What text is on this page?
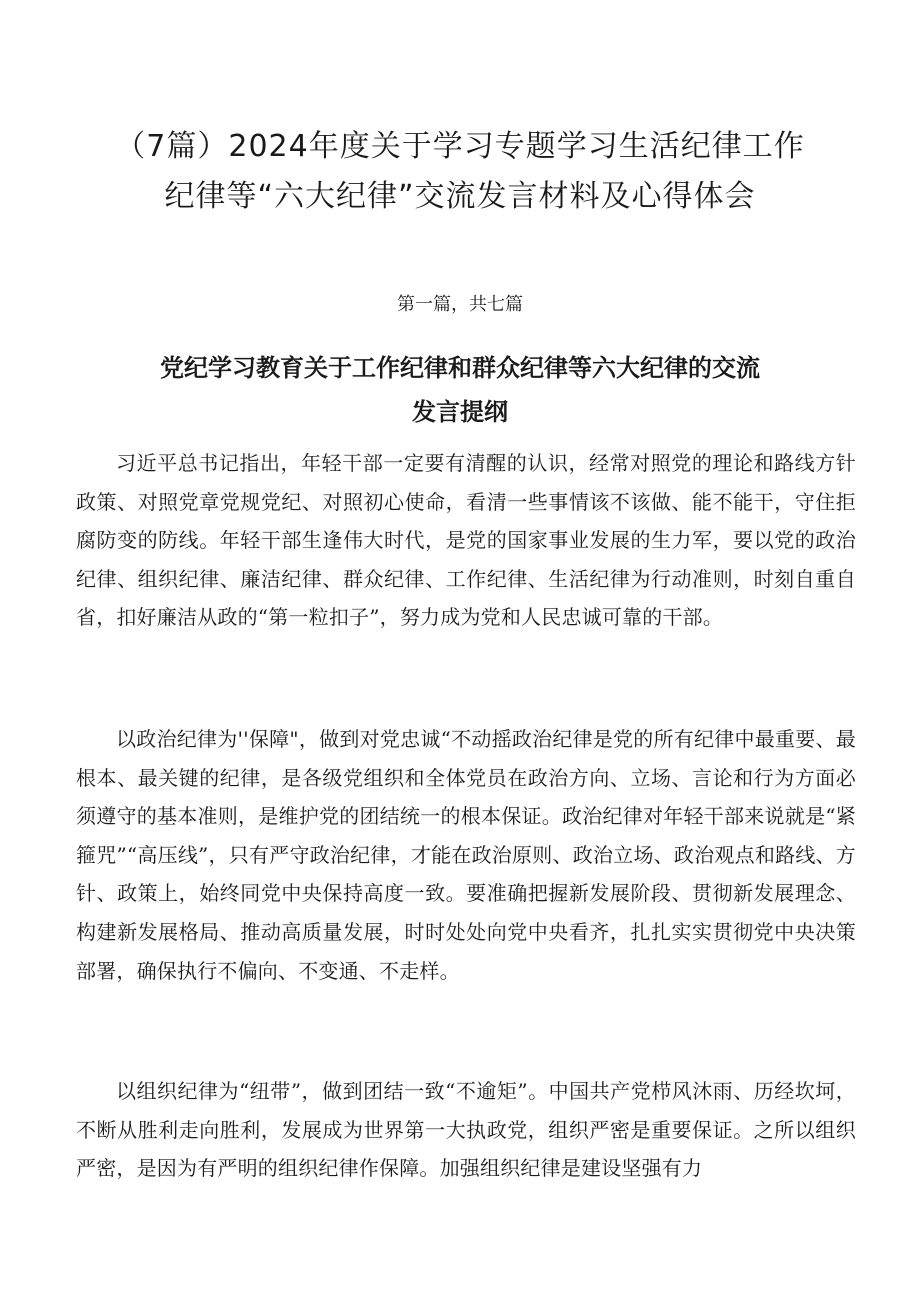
（7篇）2024年度关于学习专题学习生活纪律工作
纪律等“六大纪律”交流发言材料及心得体会

第一篇，共七篇

党纪学习教育关于工作纪律和群众纪律等六大纪律的交流
发言提纲

习近平总书记指出，年轻干部一定要有清醒的认识，经常对照党的理论和路线方针政策、对照党章党规党纪、对照初心使命，看清一些事情该不该做、能不能干，守住拒腐防变的防线。年轻干部生逢伟大时代，是党的国家事业发展的生力军，要以党的政治纪律、组织纪律、廉洁纪律、群众纪律、工作纪律、生活纪律为行动准则，时刻自重自省，扣好廉洁从政的“第一粒扣子”，努力成为党和人民忠诚可靠的干部。

以政治纪律为''保障"，做到对党忠诚“不动摇政治纪律是党的所有纪律中最重要、最根本、最关键的纪律，是各级党组织和全体党员在政治方向、立场、言论和行为方面必须遵守的基本准则，是维护党的团结统一的根本保证。政治纪律对年轻干部来说就是“紧箍咒”“高压线”，只有严守政治纪律，才能在政治原则、政治立场、政治观点和路线、方针、政策上，始终同党中央保持高度一致。要准确把握新发展阶段、贯彻新发展理念、构建新发展格局、推动高质量发展，时时处处向党中央看齐，扎扎实实贯彻党中央决策部署，确保执行不偏向、不变通、不走样。

以组织纪律为“纽带”，做到团结一致“不逾矩”。中国共产党栉风沐雨、历经坎坷，不断从胜利走向胜利，发展成为世界第一大执政党，组织严密是重要保证。之所以组织严密，是因为有严明的组织纪律作保障。加强组织纪律是建设坚强有力
